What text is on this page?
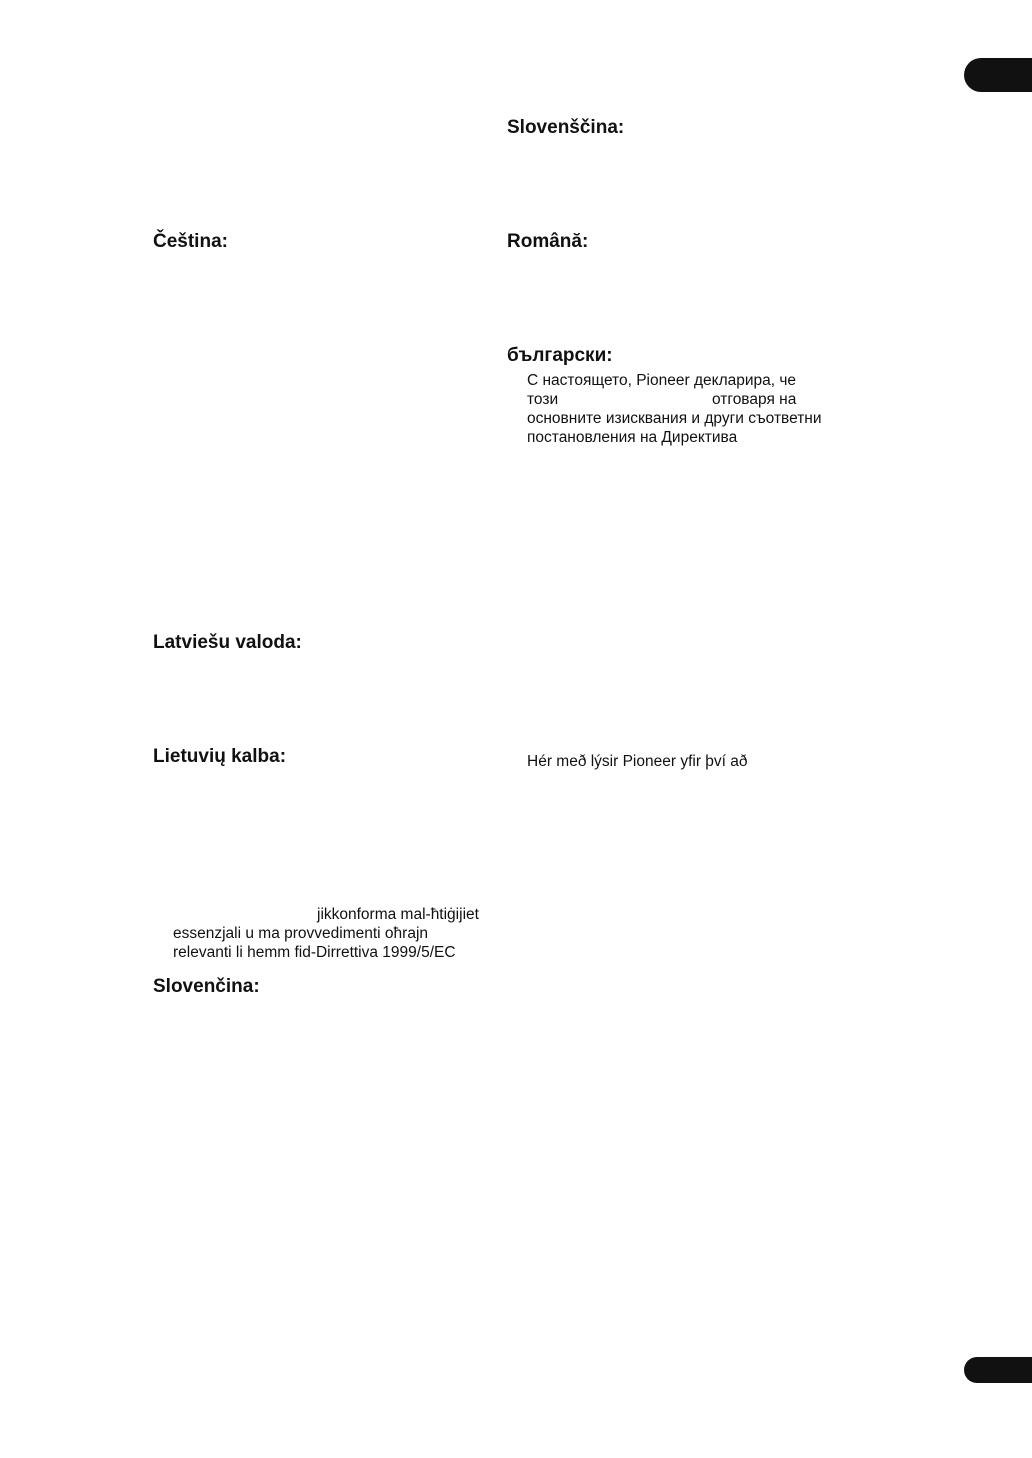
Slovenščina:
Čeština:	Română:
български:
С настоящето, Pioneer декларира, че
този	отговаря на
основните изисквания и други съответни
постановления на Директива
Latviešu valoda:
Lietuvių kalba:	Hér með lýsir Pioneer yfir því að
jikkonforma mal-ħtiġijiet
essenzjali u ma provvedimenti oħrajn
relevanti li hemm fid-Dirrettiva 1999/5/EC
Slovenčina:
